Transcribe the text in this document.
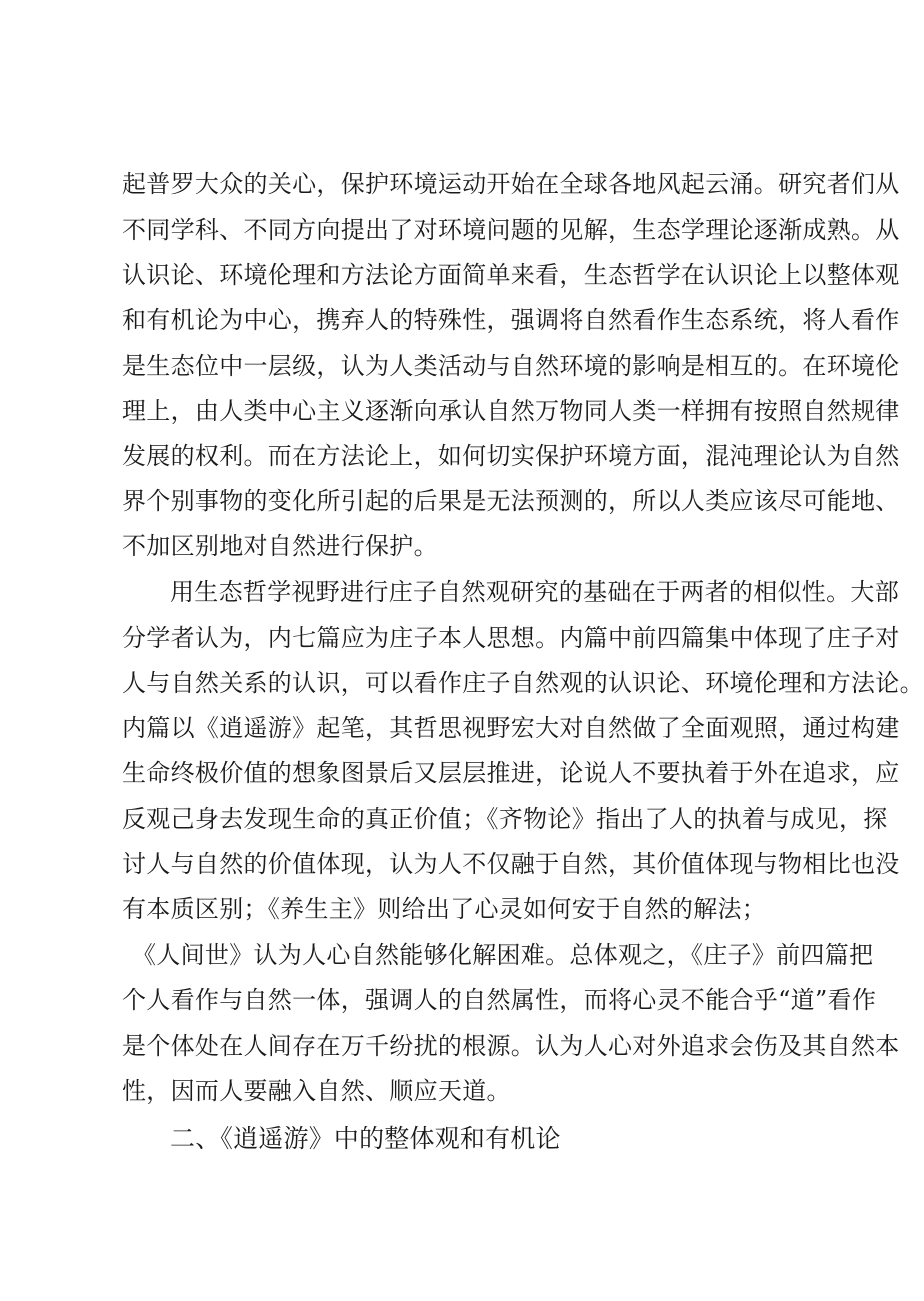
起普罗大众的关心，保护环境运动开始在全球各地风起云涌。研究者们从
不同学科、不同方向提出了对环境问题的见解，生态学理论逐渐成熟。从
认识论、环境伦理和方法论方面简单来看，生态哲学在认识论上以整体观
和有机论为中心，携弃人的特殊性，强调将自然看作生态系统，将人看作
是生态位中一层级，认为人类活动与自然环境的影响是相互的。在环境伦
理上，由人类中心主义逐渐向承认自然万物同人类一样拥有按照自然规律
发展的权利。而在方法论上，如何切实保护环境方面，混沌理论认为自然
界个别事物的变化所引起的后果是无法预测的，所以人类应该尽可能地、
不加区别地对自然进行保护。
用生态哲学视野进行庄子自然观研究的基础在于两者的相似性。大部
分学者认为，内七篇应为庄子本人思想。内篇中前四篇集中体现了庄子对
人与自然关系的认识，可以看作庄子自然观的认识论、环境伦理和方法论。
内篇以《逍遥游》起笔，其哲思视野宏大对自然做了全面观照，通过构建
生命终极价值的想象图景后又层层推进，论说人不要执着于外在追求，应
反观己身去发现生命的真正价值；《齐物论》指出了人的执着与成见，探
讨人与自然的价值体现，认为人不仅融于自然，其价值体现与物相比也没
有本质区别；《养生主》则给出了心灵如何安于自然的解法；
《人间世》认为人心自然能够化解困难。总体观之，《庄子》前四篇把
个人看作与自然一体，强调人的自然属性，而将心灵不能合乎“道”看作
是个体处在人间存在万千纷扰的根源。认为人心对外追求会伤及其自然本
性，因而人要融入自然、顺应天道。
二、《逍遥游》中的整体观和有机论
